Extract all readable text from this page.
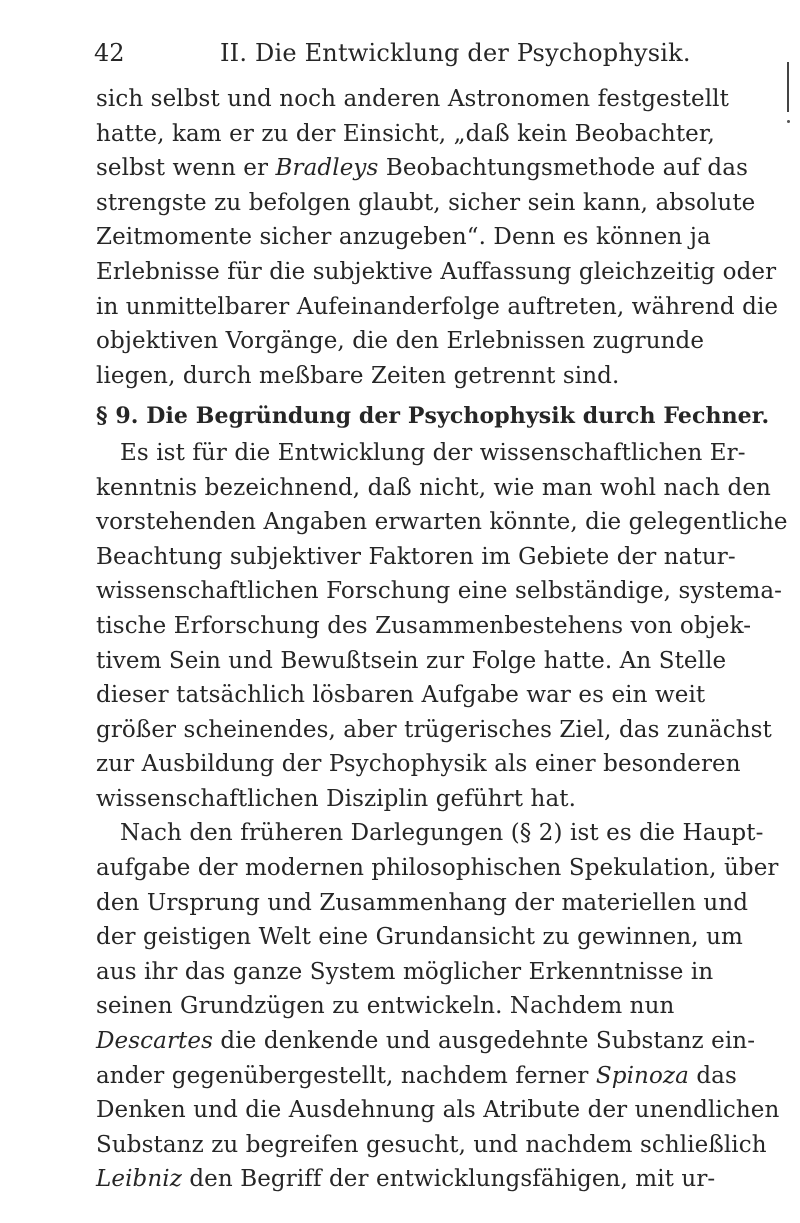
42	II. Die Entwicklung der Psychophysik.
sich selbst und noch anderen Astronomen festgestellt
hatte, kam er zu der Einsicht, „daß kein Beobachter,
selbst wenn er Bradleys Beobachtungsmethode auf das
strengste zu befolgen glaubt, sicher sein kann, absolute
Zeitmomente sicher anzugeben“. Denn es können ja
Erlebnisse für die subjektive Auffassung gleichzeitig oder
in unmittelbarer Aufeinanderfolge auftreten, während die
objektiven Vorgänge, die den Erlebnissen zugrunde
liegen, durch meßbare Zeiten getrennt sind.
§ 9. Die Begründung der Psychophysik durch Fechner.
Es ist für die Entwicklung der wissenschaftlichen Er-
kenntnis bezeichnend, daß nicht, wie man wohl nach den
vorstehenden Angaben erwarten könnte, die gelegentliche
Beachtung subjektiver Faktoren im Gebiete der natur-
wissenschaftlichen Forschung eine selbständige, systema-
tische Erforschung des Zusammenbestehens von objek-
tivem Sein und Bewußtsein zur Folge hatte. An Stelle
dieser tatsächlich lösbaren Aufgabe war es ein weit
größer scheinendes, aber trügerisches Ziel, das zunächst
zur Ausbildung der Psychophysik als einer besonderen
wissenschaftlichen Disziplin geführt hat.
Nach den früheren Darlegungen (§ 2) ist es die Haupt-
aufgabe der modernen philosophischen Spekulation, über
den Ursprung und Zusammenhang der materiellen und
der geistigen Welt eine Grundansicht zu gewinnen, um
aus ihr das ganze System möglicher Erkenntnisse in
seinen Grundzügen zu entwickeln. Nachdem nun
Descartes die denkende und ausgedehnte Substanz ein-
ander gegenübergestellt, nachdem ferner Spinoza das
Denken und die Ausdehnung als Atribute der unendlichen
Substanz zu begreifen gesucht, und nachdem schließlich
Leibniz den Begriff der entwicklungsfähigen, mit ur-
